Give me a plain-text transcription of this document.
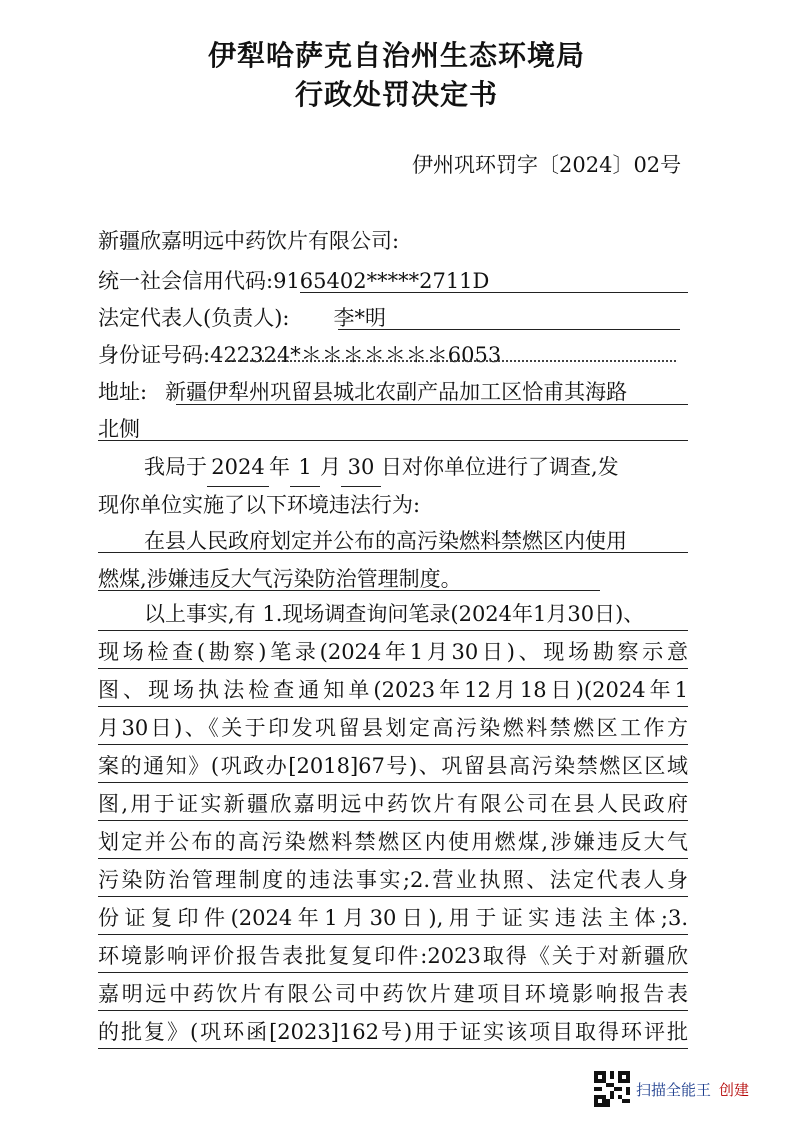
伊犁哈萨克自治州生态环境局
行政处罚决定书
伊州巩环罚字〔2024〕02号
新疆欣嘉明远中药饮片有限公司:
统一社会信用代码:9165402*****2711D
法定代表人(负责人): 李*明
身份证号码:422324*＊＊＊＊＊＊＊6053
地址: 新疆伊犁州巩留县城北农副产品加工区恰甫其海路
北侧
我局于 2024 年 1 月 30 日对你单位进行了调查,发
现你单位实施了以下环境违法行为:
在县人民政府划定并公布的高污染燃料禁燃区内使用
燃煤,涉嫌违反大气污染防治管理制度。
以上事实,有 1.现场调查询问笔录(2024年1月30日)、
现场检查(勘察)笔录(2024年1月30日)、现场勘察示意
图、现场执法检查通知单(2023年12月18日)(2024年1
月30日)、《关于印发巩留县划定高污染燃料禁燃区工作方
案的通知》(巩政办[2018]67号)、巩留县高污染禁燃区区域
图,用于证实新疆欣嘉明远中药饮片有限公司在县人民政府
划定并公布的高污染燃料禁燃区内使用燃煤,涉嫌违反大气
污染防治管理制度的违法事实;2.营业执照、法定代表人身
份证复印件(2024年1月30日),用于证实违法主体;3.
环境影响评价报告表批复复印件:2023取得《关于对新疆欣
嘉明远中药饮片有限公司中药饮片建项目环境影响报告表
的批复》(巩环函[2023]162号)用于证实该项目取得环评批
扫描全能王 创建
